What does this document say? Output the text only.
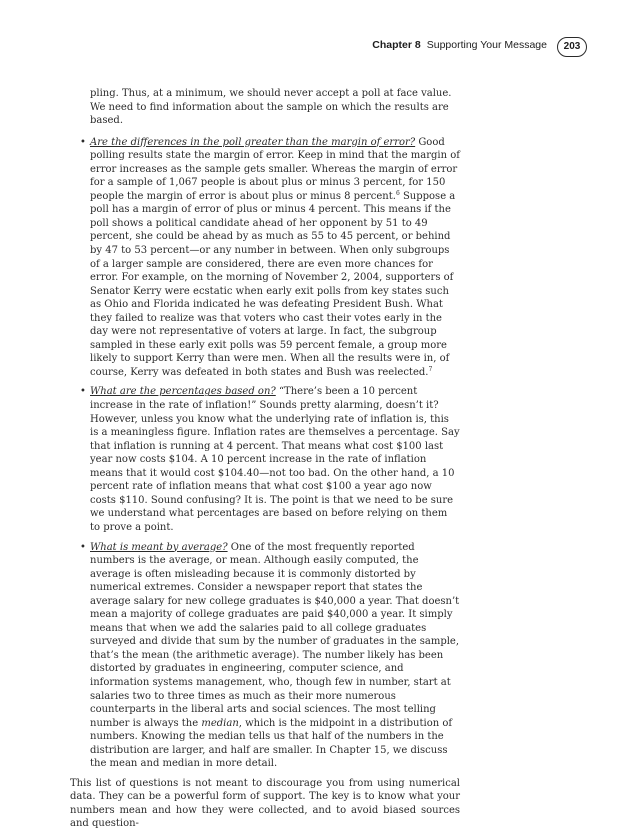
Chapter 8 Supporting Your Message	203

pling. Thus, at a minimum, we should never accept a poll at face value. We need to find information about the sample on which the results are based.

• Are the differences in the poll greater than the margin of error? Good polling results state the margin of error. Keep in mind that the margin of error increases as the sample gets smaller. Whereas the margin of error for a sample of 1,067 people is about plus or minus 3 percent, for 150 people the margin of error is about plus or minus 8 percent.$^6$ Suppose a poll has a margin of error of plus or minus 4 percent. This means if the poll shows a political candidate ahead of her opponent by 51 to 49 percent, she could be ahead by as much as 55 to 45 percent, or behind by 47 to 53 percent—or any number in between. When only subgroups of a larger sample are considered, there are even more chances for error. For example, on the morning of November 2, 2004, supporters of Senator Kerry were ecstatic when early exit polls from key states such as Ohio and Florida indicated he was defeating President Bush. What they failed to realize was that voters who cast their votes early in the day were not representative of voters at large. In fact, the subgroup sampled in these early exit polls was 59 percent female, a group more likely to support Kerry than were men. When all the results were in, of course, Kerry was defeated in both states and Bush was reelected.$^7$

• What are the percentages based on? “There’s been a 10 percent increase in the rate of inflation!” Sounds pretty alarming, doesn’t it? However, unless you know what the underlying rate of inflation is, this is a meaningless figure. Inflation rates are themselves a percentage. Say that inflation is running at 4 percent. That means what cost $100 last year now costs $104. A 10 percent increase in the rate of inflation means that it would cost $104.40—not too bad. On the other hand, a 10 percent rate of inflation means that what cost $100 a year ago now costs $110. Sound confusing? It is. The point is that we need to be sure we understand what percentages are based on before relying on them to prove a point.

• What is meant by average? One of the most frequently reported numbers is the average, or mean. Although easily computed, the average is often misleading because it is commonly distorted by numerical extremes. Consider a newspaper report that states the average salary for new college graduates is $40,000 a year. That doesn’t mean a majority of college graduates are paid $40,000 a year. It simply means that when we add the salaries paid to all college graduates surveyed and divide that sum by the number of graduates in the sample, that’s the mean (the arithmetic average). The number likely has been distorted by graduates in engineering, computer science, and information systems management, who, though few in number, start at salaries two to three times as much as their more numerous counterparts in the liberal arts and social sciences. The most telling number is always the median, which is the midpoint in a distribution of numbers. Knowing the median tells us that half of the numbers in the distribution are larger, and half are smaller. In Chapter 15, we discuss the mean and median in more detail.

This list of questions is not meant to discourage you from using numerical data. They can be a powerful form of support. The key is to know what your numbers mean and how they were collected, and to avoid biased sources and question-
